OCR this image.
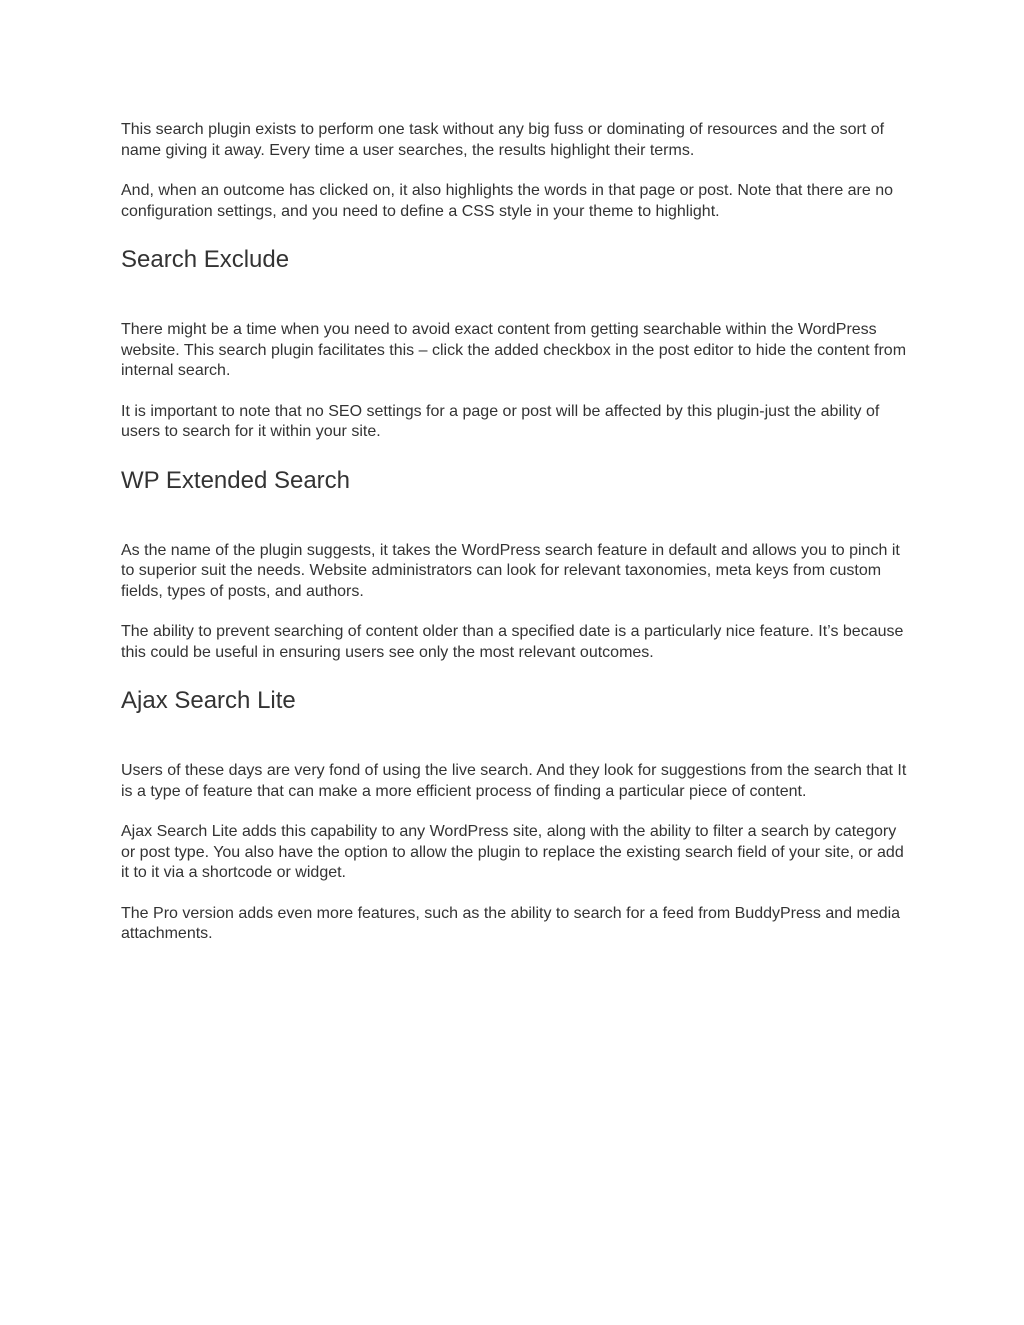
This search plugin exists to perform one task without any big fuss or dominating of resources and the sort of name giving it away. Every time a user searches, the results highlight their terms.

And, when an outcome has clicked on, it also highlights the words in that page or post. Note that there are no configuration settings, and you need to define a CSS style in your theme to highlight.

Search Exclude

There might be a time when you need to avoid exact content from getting searchable within the WordPress website. This search plugin facilitates this – click the added checkbox in the post editor to hide the content from internal search.

It is important to note that no SEO settings for a page or post will be affected by this plugin-just the ability of users to search for it within your site.

WP Extended Search

As the name of the plugin suggests, it takes the WordPress search feature in default and allows you to pinch it to superior suit the needs. Website administrators can look for relevant taxonomies, meta keys from custom fields, types of posts, and authors.

The ability to prevent searching of content older than a specified date is a particularly nice feature. It’s because this could be useful in ensuring users see only the most relevant outcomes.

Ajax Search Lite

Users of these days are very fond of using the live search. And they look for suggestions from the search that It is a type of feature that can make a more efficient process of finding a particular piece of content.

Ajax Search Lite adds this capability to any WordPress site, along with the ability to filter a search by category or post type. You also have the option to allow the plugin to replace the existing search field of your site, or add it to it via a shortcode or widget.

The Pro version adds even more features, such as the ability to search for a feed from BuddyPress and media attachments.
